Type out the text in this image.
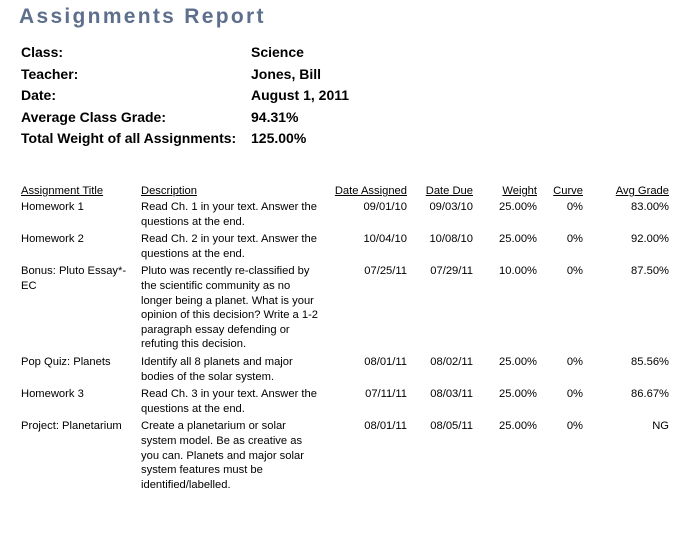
Assignments Report
Class:	Science
Teacher:	Jones, Bill
Date:	August 1, 2011
Average Class Grade:	94.31%
Total Weight of all Assignments: 125.00%
Assignment Title	Description	Date Assigned	Date Due	Weight	Curve	Avg Grade
Homework 1	Read Ch. 1 in your text. Answer the questions at the end.	09/01/10	09/03/10	25.00%	0%	83.00%
Homework 2	Read Ch. 2 in your text. Answer the questions at the end.	10/04/10	10/08/10	25.00%	0%	92.00%
Bonus: Pluto Essay*-EC	Pluto was recently re-classified by the scientific community as no longer being a planet. What is your opinion of this decision? Write a 1-2 paragraph essay defending or refuting this decision.	07/25/11	07/29/11	10.00%	0%	87.50%
Pop Quiz: Planets	Identify all 8 planets and major bodies of the solar system.	08/01/11	08/02/11	25.00%	0%	85.56%
Homework 3	Read Ch. 3 in your text. Answer the questions at the end.	07/11/11	08/03/11	25.00%	0%	86.67%
Project: Planetarium	Create a planetarium or solar system model. Be as creative as you can. Planets and major solar system features must be identified/labelled.	08/01/11	08/05/11	25.00%	0%	NG
